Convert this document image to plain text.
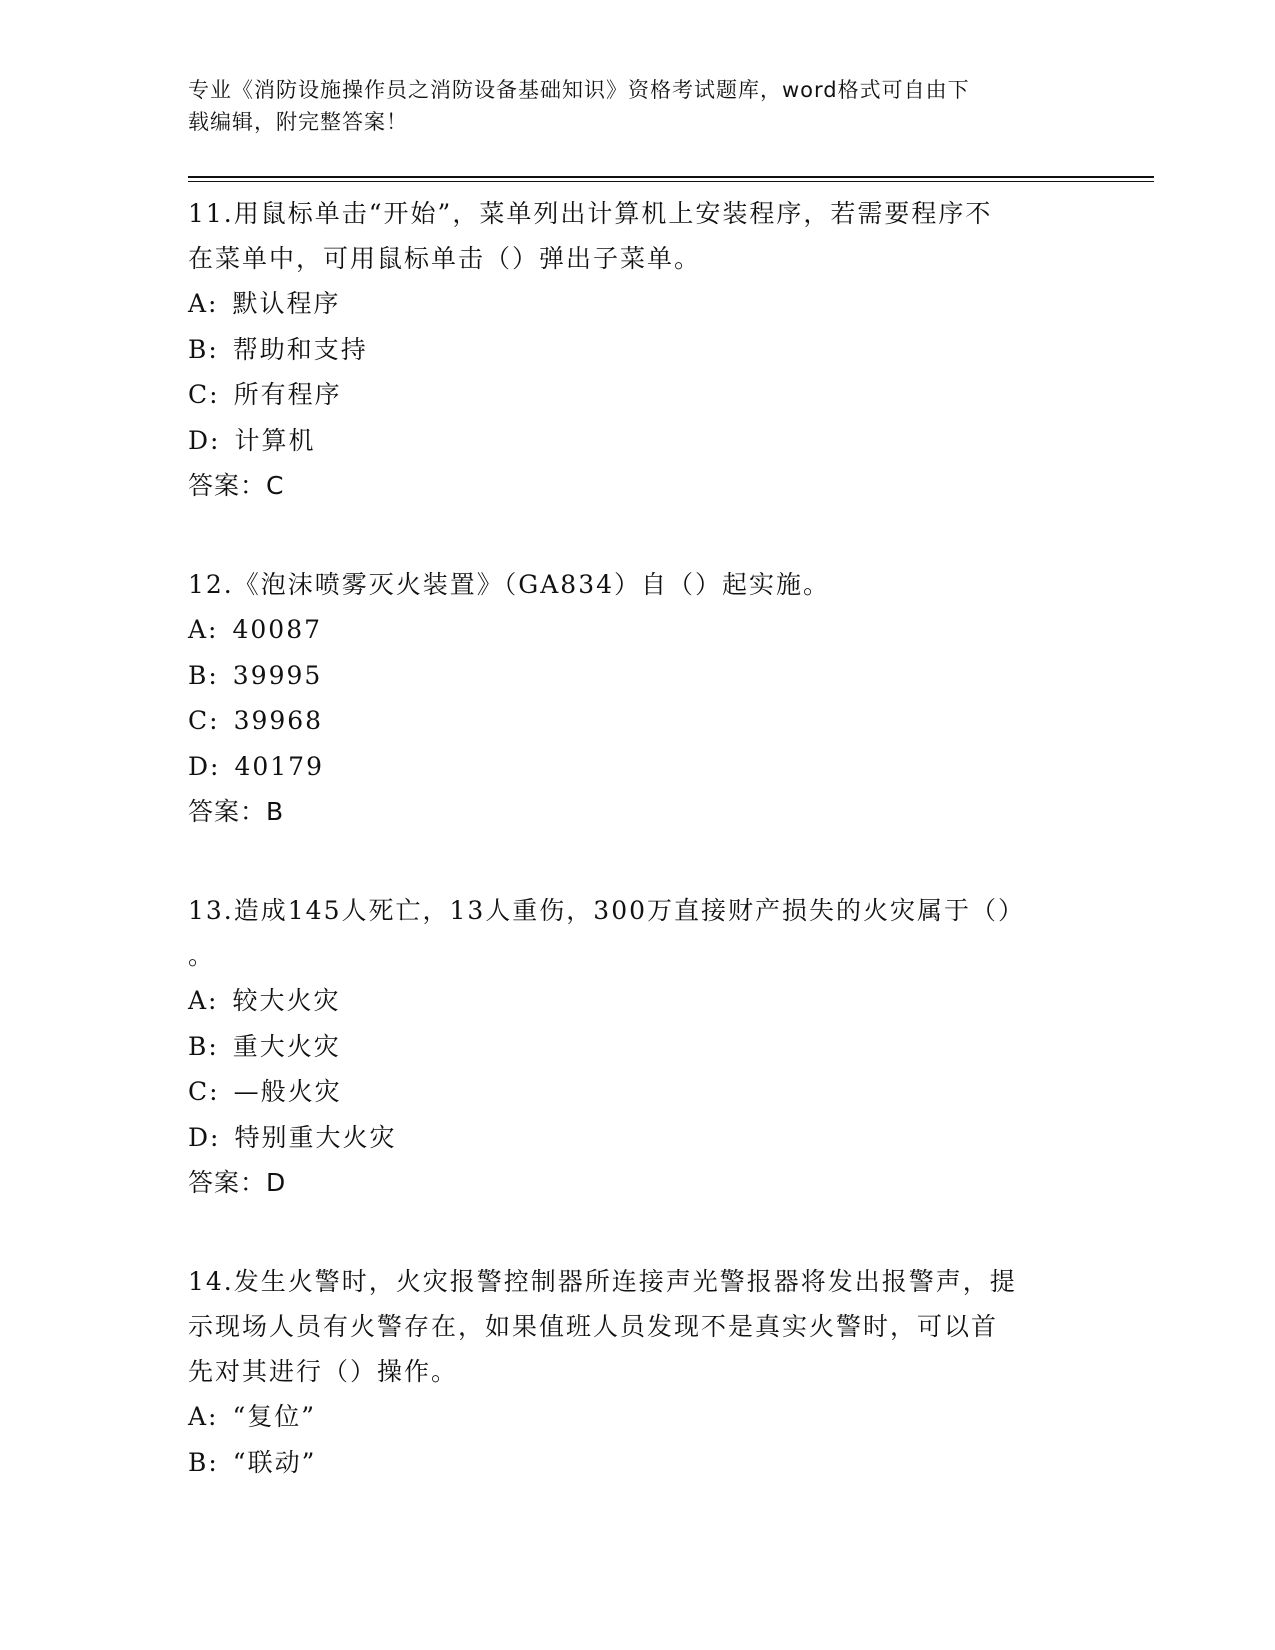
专业《消防设施操作员之消防设备基础知识》资格考试题库，word格式可自由下
载编辑，附完整答案！
11.用鼠标单击“开始”，菜单列出计算机上安装程序，若需要程序不
在菜单中，可用鼠标单击（）弹出子菜单。
A: 默认程序
B: 帮助和支持
C: 所有程序
D: 计算机
答案：C
12.《泡沫喷雾灭火装置》（GA834）自（）起实施。
A: 40087
B: 39995
C: 39968
D: 40179
答案：B
13.造成145人死亡，13人重伤，300万直接财产损失的火灾属于（）
。
A: 较大火灾
B: 重大火灾
C: —般火灾
D: 特别重大火灾
答案：D
14.发生火警时，火灾报警控制器所连接声光警报器将发出报警声，提
示现场人员有火警存在，如果值班人员发现不是真实火警时，可以首
先对其进行（）操作。
A: “复位”
B: “联动”
